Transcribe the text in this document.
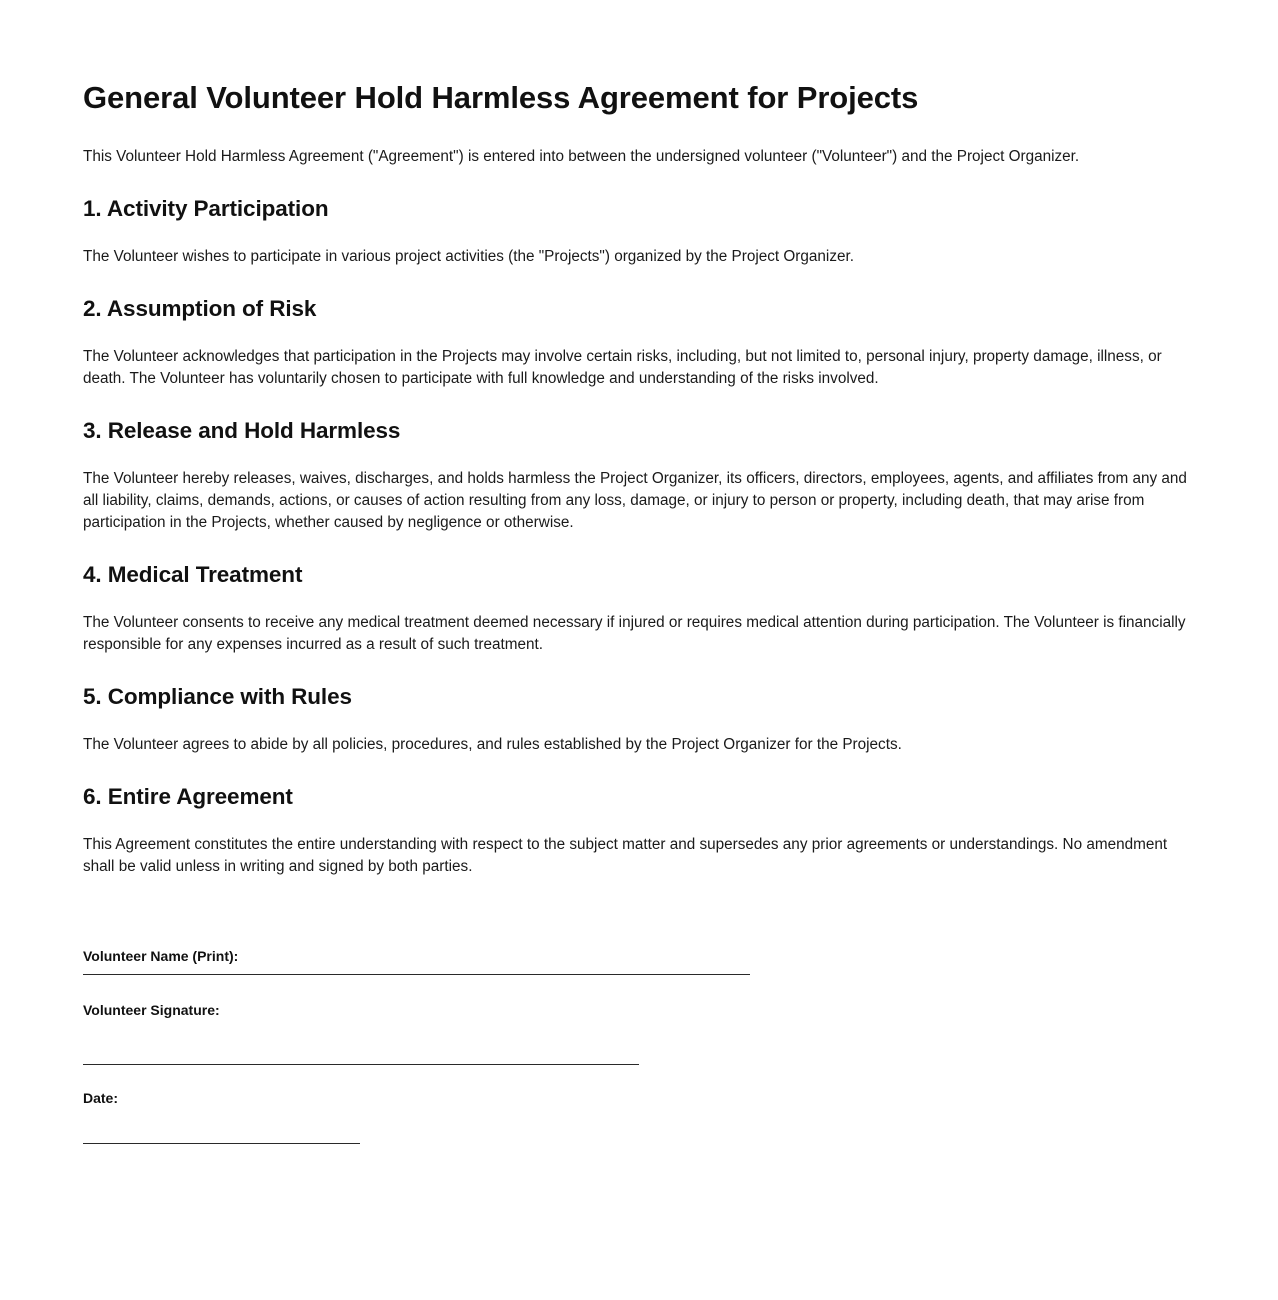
General Volunteer Hold Harmless Agreement for Projects

This Volunteer Hold Harmless Agreement ("Agreement") is entered into between the undersigned volunteer ("Volunteer") and the Project Organizer.

1. Activity Participation

The Volunteer wishes to participate in various project activities (the "Projects") organized by the Project Organizer.

2. Assumption of Risk

The Volunteer acknowledges that participation in the Projects may involve certain risks, including, but not limited to, personal injury, property damage, illness, or death. The Volunteer has voluntarily chosen to participate with full knowledge and understanding of the risks involved.

3. Release and Hold Harmless

The Volunteer hereby releases, waives, discharges, and holds harmless the Project Organizer, its officers, directors, employees, agents, and affiliates from any and all liability, claims, demands, actions, or causes of action resulting from any loss, damage, or injury to person or property, including death, that may arise from participation in the Projects, whether caused by negligence or otherwise.

4. Medical Treatment

The Volunteer consents to receive any medical treatment deemed necessary if injured or requires medical attention during participation. The Volunteer is financially responsible for any expenses incurred as a result of such treatment.

5. Compliance with Rules

The Volunteer agrees to abide by all policies, procedures, and rules established by the Project Organizer for the Projects.

6. Entire Agreement

This Agreement constitutes the entire understanding with respect to the subject matter and supersedes any prior agreements or understandings. No amendment shall be valid unless in writing and signed by both parties.

Volunteer Name (Print):
Volunteer Signature:
Date:
